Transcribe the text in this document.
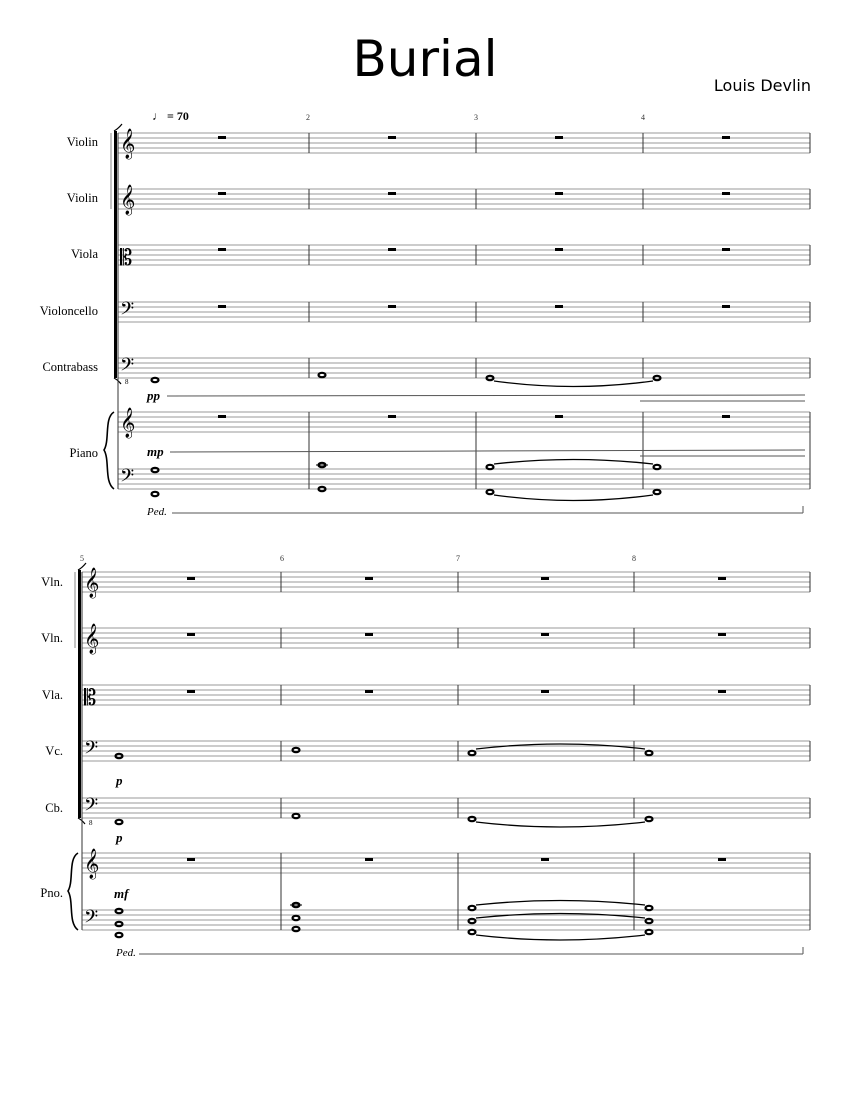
Burial	Louis Devlin
♩ = 70	2	3	4
Violin
Violin
Viola
Violoncello
Contrabass
Piano
𝄞
𝄞
𝄡
𝄢
𝄢
8
𝄞
𝄢
pp
mp
Ped.
5	6	7	8
Vln.
Vln.
Vla.
Vc.
Cb.
Pno.
𝄞
𝄞
𝄡
𝄢
𝄢
8
𝄞
𝄢
p
p
mf
Ped.
